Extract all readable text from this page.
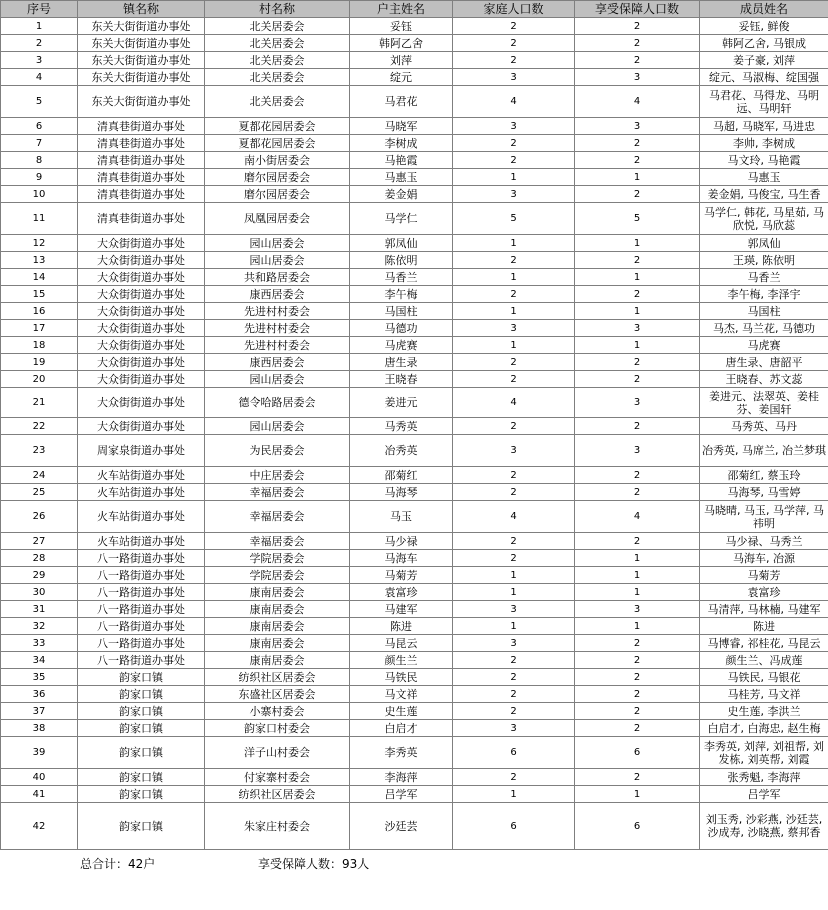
序号	镇名称	村名称	户主姓名	家庭人口数	享受保障人口数	成员姓名
1	东关大街街道办事处	北关居委会	妥钰	2	2	妥钰, 鲜俊
2	东关大街街道办事处	北关居委会	韩阿乙舍	2	2	韩阿乙舍, 马银成
3	东关大街街道办事处	北关居委会	刘萍	2	2	姜子豪, 刘萍
4	东关大街街道办事处	北关居委会	绽元	3	3	绽元、马淑梅、绽国强
5	东关大街街道办事处	北关居委会	马君花	4	4	马君花、马得龙、马明远、马明轩
6	清真巷街道办事处	夏都花园居委会	马晓军	3	3	马超, 马晓军, 马进忠
7	清真巷街道办事处	夏都花园居委会	李树成	2	2	李帅, 李树成
8	清真巷街道办事处	南小街居委会	马艳霞	2	2	马文玲, 马艳霞
9	清真巷街道办事处	磨尔园居委会	马惠玉	1	1	马惠玉
10	清真巷街道办事处	磨尔园居委会	姜金娟	3	2	姜金娟, 马俊宝, 马生香
11	清真巷街道办事处	凤凰园居委会	马学仁	5	5	马学仁, 韩花, 马星茹, 马欣悦, 马欣蕊
12	大众街街道办事处	园山居委会	郭凤仙	1	1	郭凤仙
13	大众街街道办事处	园山居委会	陈依明	2	2	王瑛, 陈依明
14	大众街街道办事处	共和路居委会	马香兰	1	1	马香兰
15	大众街街道办事处	康西居委会	李午梅	2	2	李午梅, 李泽宇
16	大众街街道办事处	先进村村委会	马国柱	1	1	马国柱
17	大众街街道办事处	先进村村委会	马德功	3	3	马杰, 马兰花, 马德功
18	大众街街道办事处	先进村村委会	马虎赛	1	1	马虎赛
19	大众街街道办事处	康西居委会	唐生录	2	2	唐生录、唐韶平
20	大众街街道办事处	园山居委会	王晓春	2	2	王晓春、苏文蕊
21	大众街街道办事处	德令哈路居委会	姜进元	4	3	姜进元、法翠英、姜桂芬、姜国轩
22	大众街街道办事处	园山居委会	马秀英	2	2	马秀英、马丹
23	周家泉街道办事处	为民居委会	冶秀英	3	3	冶秀英, 马席兰, 冶兰梦琪
24	火车站街道办事处	中庄居委会	邵菊红	2	2	邵菊红, 蔡玉玲
25	火车站街道办事处	幸福居委会	马海琴	2	2	马海琴, 马雪婷
26	火车站街道办事处	幸福居委会	马玉	4	4	马晓晴, 马玉, 马学萍, 马祎明
27	火车站街道办事处	幸福居委会	马少禄	2	2	马少禄、马秀兰
28	八一路街道办事处	学院居委会	马海车	2	1	马海车, 冶源
29	八一路街道办事处	学院居委会	马菊芳	1	1	马菊芳
30	八一路街道办事处	康南居委会	袁富珍	1	1	袁富珍
31	八一路街道办事处	康南居委会	马建军	3	3	马清萍, 马林楠, 马建军
32	八一路街道办事处	康南居委会	陈进	1	1	陈进
33	八一路街道办事处	康南居委会	马昆云	3	2	马博睿, 祁桂花, 马昆云
34	八一路街道办事处	康南居委会	颜生兰	2	2	颜生兰、冯成莲
35	韵家口镇	纺织社区居委会	马铁民	2	2	马铁民, 马银花
36	韵家口镇	东盛社区居委会	马文祥	2	2	马桂芳, 马文祥
37	韵家口镇	小寨村委会	史生莲	2	2	史生莲, 李洪兰
38	韵家口镇	韵家口村委会	白启才	3	2	白启才, 白海忠, 赵生梅
39	韵家口镇	洋子山村委会	李秀英	6	6	李秀英, 刘萍, 刘祖帮, 刘发栋, 刘英帮, 刘霞
40	韵家口镇	付家寨村委会	李海萍	2	2	张秀魁, 李海萍
41	韵家口镇	纺织社区居委会	吕学军	1	1	吕学军
42	韵家口镇	朱家庄村委会	沙廷芸	6	6	刘玉秀, 沙彩燕, 沙廷芸, 沙成寿, 沙晓燕, 蔡邦香
总合计：42户	享受保障人数：93人
